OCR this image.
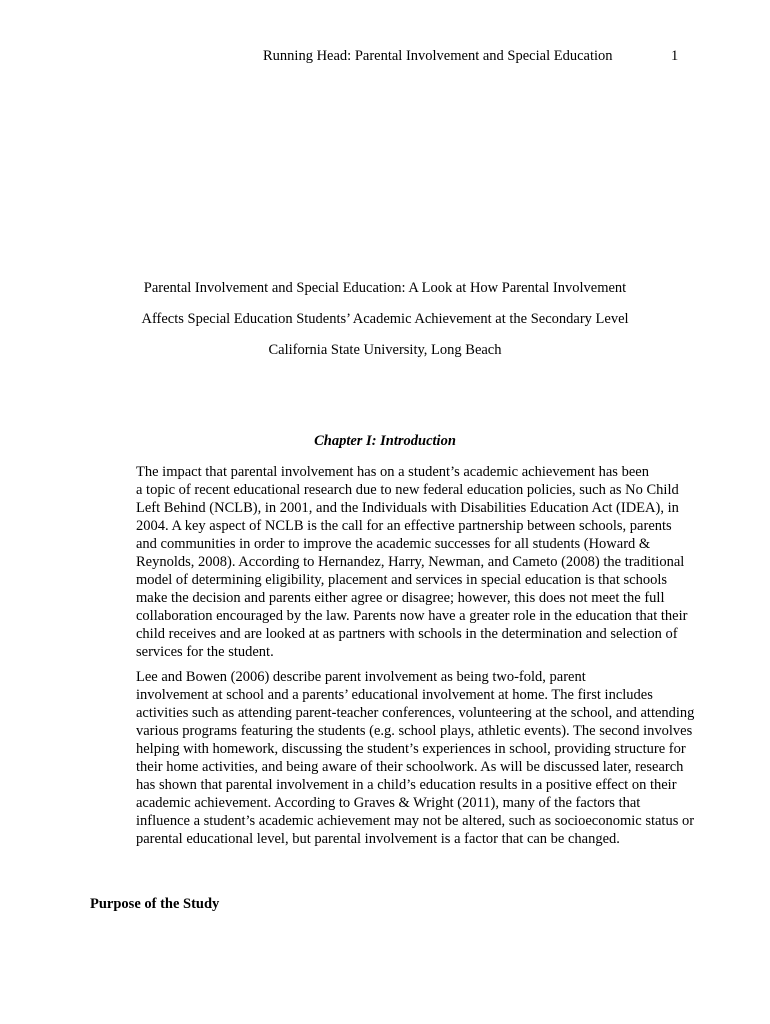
Running Head: Parental Involvement and Special Education	1
Parental Involvement and Special Education: A Look at How Parental Involvement
Affects Special Education Students’ Academic Achievement at the Secondary Level
California State University, Long Beach
Chapter I: Introduction

The impact that parental involvement has on a student’s academic achievement has been
a topic of recent educational research due to new federal education policies, such as No Child
Left Behind (NCLB), in 2001, and the Individuals with Disabilities Education Act (IDEA), in
2004. A key aspect of NCLB is the call for an effective partnership between schools, parents
and communities in order to improve the academic successes for all students (Howard &
Reynolds, 2008). According to Hernandez, Harry, Newman, and Cameto (2008) the traditional
model of determining eligibility, placement and services in special education is that schools
make the decision and parents either agree or disagree; however, this does not meet the full
collaboration encouraged by the law. Parents now have a greater role in the education that their
child receives and are looked at as partners with schools in the determination and selection of
services for the student.

Lee and Bowen (2006) describe parent involvement as being two-fold, parent
involvement at school and a parents’ educational involvement at home. The first includes
activities such as attending parent-teacher conferences, volunteering at the school, and attending
various programs featuring the students (e.g. school plays, athletic events). The second involves
helping with homework, discussing the student’s experiences in school, providing structure for
their home activities, and being aware of their schoolwork. As will be discussed later, research
has shown that parental involvement in a child’s education results in a positive effect on their
academic achievement. According to Graves & Wright (2011), many of the factors that
influence a student’s academic achievement may not be altered, such as socioeconomic status or
parental educational level, but parental involvement is a factor that can be changed.

Purpose of the Study
